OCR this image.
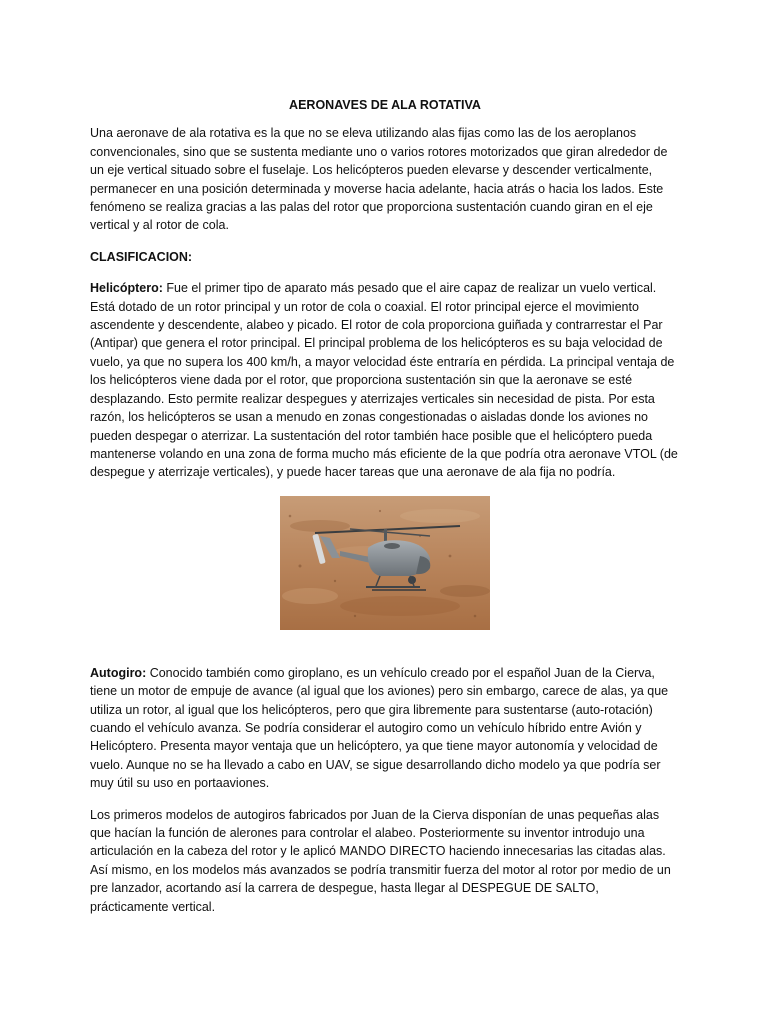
AERONAVES DE ALA ROTATIVA

Una aeronave de ala rotativa es la que no se eleva utilizando alas fijas como las de los aeroplanos convencionales, sino que se sustenta mediante uno o varios rotores motorizados que giran alrededor de un eje vertical situado sobre el fuselaje. Los helicópteros pueden elevarse y descender verticalmente, permanecer en una posición determinada y moverse hacia adelante, hacia atrás o hacia los lados. Este fenómeno se realiza gracias a las palas del rotor que proporciona sustentación cuando giran en el eje vertical y al rotor de cola.

CLASIFICACION:

Helicóptero: Fue el primer tipo de aparato más pesado que el aire capaz de realizar un vuelo vertical. Está dotado de un rotor principal y un rotor de cola o coaxial. El rotor principal ejerce el movimiento ascendente y descendente, alabeo y picado. El rotor de cola proporciona guiñada y contrarrestar el Par (Antipar) que genera el rotor principal. El principal problema de los helicópteros es su baja velocidad de vuelo, ya que no supera los 400 km/h, a mayor velocidad éste entraría en pérdida. La principal ventaja de los helicópteros viene dada por el rotor, que proporciona sustentación sin que la aeronave se esté desplazando. Esto permite realizar despegues y aterrizajes verticales sin necesidad de pista. Por esta razón, los helicópteros se usan a menudo en zonas congestionadas o aisladas donde los aviones no pueden despegar o aterrizar. La sustentación del rotor también hace posible que el helicóptero pueda mantenerse volando en una zona de forma mucho más eficiente de la que podría otra aeronave VTOL (de despegue y aterrizaje verticales), y puede hacer tareas que una aeronave de ala fija no podría.

Autogiro: Conocido también como giroplano, es un vehículo creado por el español Juan de la Cierva, tiene un motor de empuje de avance (al igual que los aviones) pero sin embargo, carece de alas, ya que utiliza un rotor, al igual que los helicópteros, pero que gira libremente para sustentarse (auto-rotación) cuando el vehículo avanza. Se podría considerar el autogiro como un vehículo híbrido entre Avión y Helicóptero. Presenta mayor ventaja que un helicóptero, ya que tiene mayor autonomía y velocidad de vuelo. Aunque no se ha llevado a cabo en UAV, se sigue desarrollando dicho modelo ya que podría ser muy útil su uso en portaaviones.

Los primeros modelos de autogiros fabricados por Juan de la Cierva disponían de unas pequeñas alas que hacían la función de alerones para controlar el alabeo. Posteriormente su inventor introdujo una articulación en la cabeza del rotor y le aplicó MANDO DIRECTO haciendo innecesarias las citadas alas. Así mismo, en los modelos más avanzados se podría transmitir fuerza del motor al rotor por medio de un pre lanzador, acortando así la carrera de despegue, hasta llegar al DESPEGUE DE SALTO, prácticamente vertical.
